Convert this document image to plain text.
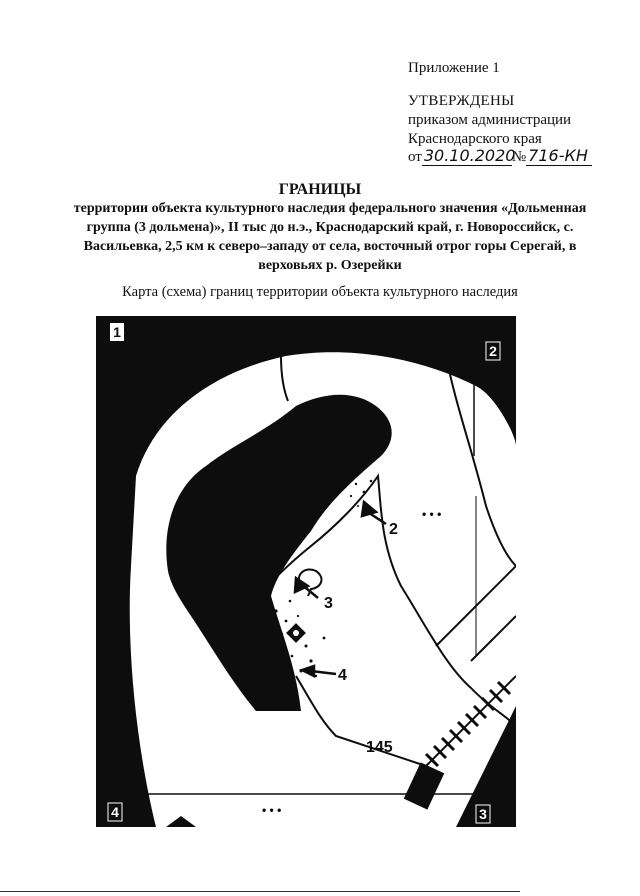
Приложение 1
УТВЕРЖДЕНЫ
приказом администрации
Краснодарского края
от 30.10.2020№ 716-КН
ГРАНИЦЫ
территории объекта культурного наследия федерального значения «Дольменная группа (3 дольмена)», II тыс до н.э., Краснодарский край, г. Новороссийск, с. Васильевка, 2,5 км к северо–западу от села, восточный отрог горы Серегай, в верховьях р. Озерейки
Карта (схема) границ территории объекта культурного наследия
1
2
3
4
2
3
4
145
• • •
• • •
